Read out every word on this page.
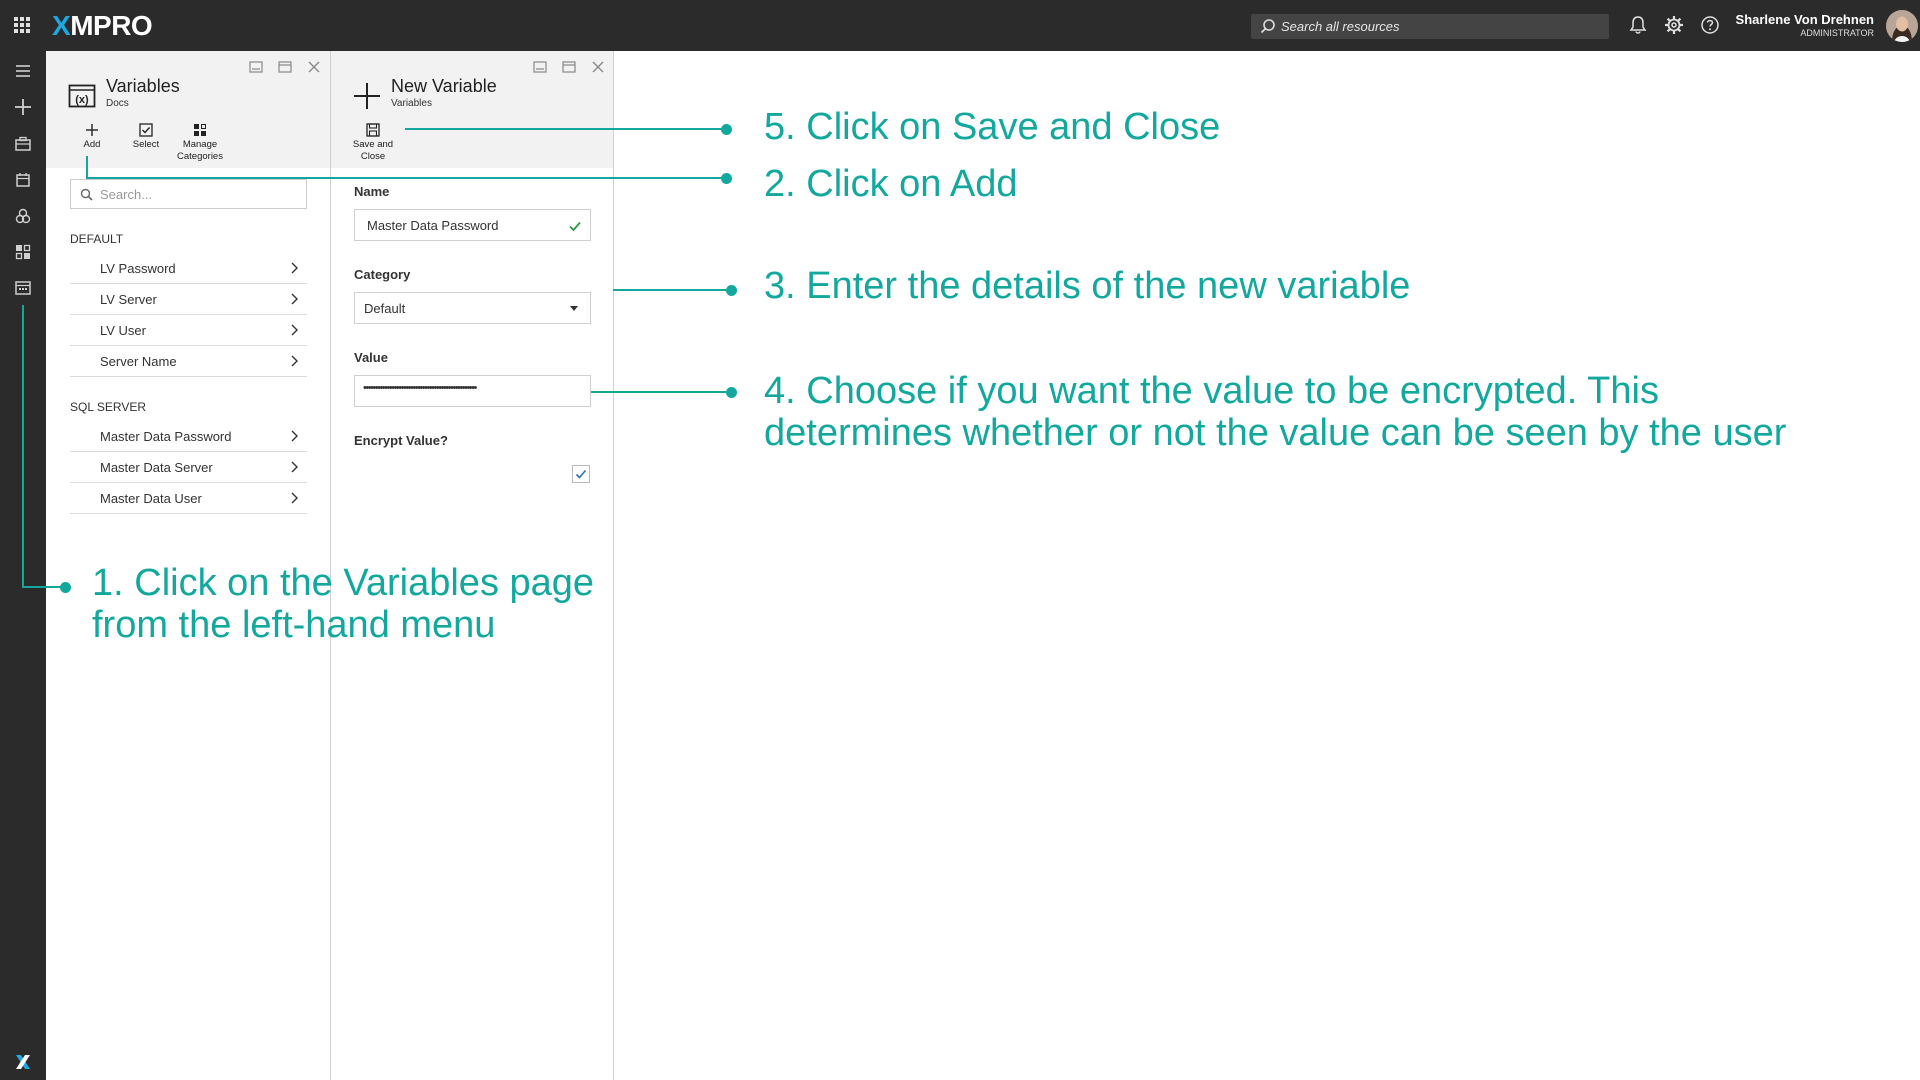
XMPRO	Search all resources	Sharlene Von Drehnen
ADMINISTRATOR
(x)
Variables
Docs
Add	Select	Manage
Categories
Search...
DEFAULT
LV Password
LV Server
LV User
Server Name
SQL SERVER
Master Data Password
Master Data Server
Master Data User
New Variable
Variables
Save and
Close
Name
Master Data Password
Category
Default
Value
••••••••••••••••••••••••••••••••••••••••••••••••
Encrypt Value?
5. Click on Save and Close
2. Click on Add
3. Enter the details of the new variable
4. Choose if you want the value to be encrypted. This
determines whether or not the value can be seen by the user
1. Click on the Variables page
from the left-hand menu
